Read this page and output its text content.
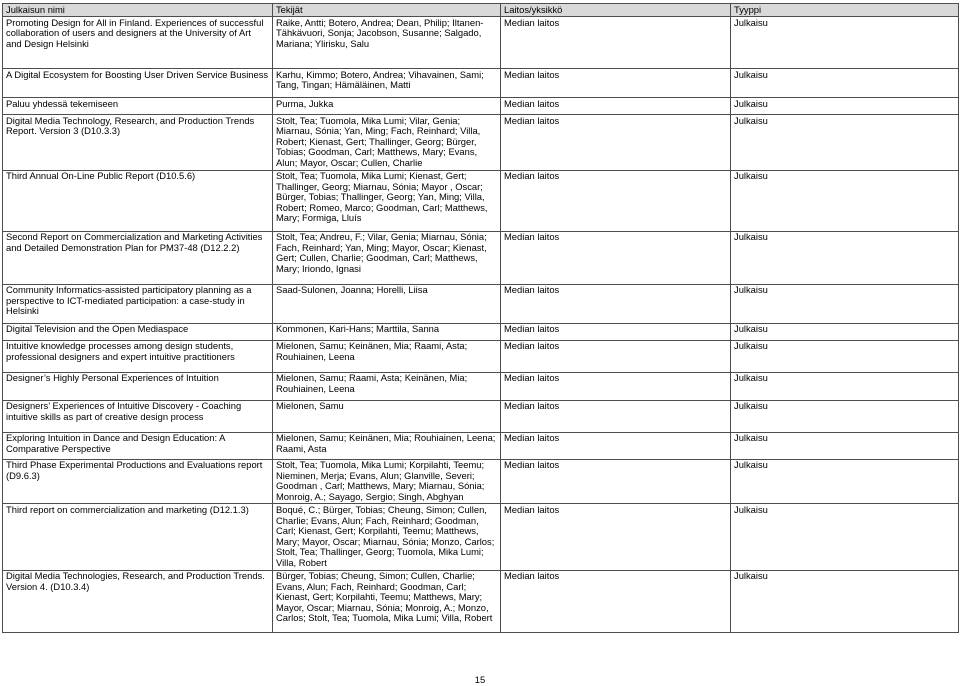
Julkaisun nimi	Tekijät	Laitos/yksikkö	Tyyppi
Promoting Design for All in Finland. Experiences of successful collaboration of users and designers at the University of Art and Design Helsinki	Raike, Antti; Botero, Andrea; Dean, Philip; Iltanen-Tähkävuori, Sonja; Jacobson, Susanne; Salgado, Mariana; Ylirisku, Salu	Median laitos	Julkaisu
A Digital Ecosystem for Boosting User Driven Service Business	Karhu, Kimmo; Botero, Andrea; Vihavainen, Sami; Tang, Tingan; Hämäläinen, Matti	Median laitos	Julkaisu
Paluu yhdessä tekemiseen	Purma, Jukka	Median laitos	Julkaisu
Digital Media Technology, Research, and Production Trends Report. Version 3 (D10.3.3)	Stolt, Tea; Tuomola, Mika Lumi; Vilar, Genia; Miarnau, Sónia; Yan, Ming; Fach, Reinhard; Villa, Robert; Kienast, Gert; Thallinger, Georg; Bürger, Tobias; Goodman, Carl; Matthews, Mary; Evans, Alun; Mayor, Oscar; Cullen, Charlie	Median laitos	Julkaisu
Third Annual On-Line Public Report (D10.5.6)	Stolt, Tea; Tuomola, Mika Lumi; Kienast, Gert; Thallinger, Georg; Miarnau, Sónia; Mayor , Oscar; Bürger, Tobias; Thallinger, Georg; Yan, Ming; Villa, Robert; Romeo, Marco; Goodman, Carl; Matthews, Mary; Formiga, Lluís	Median laitos	Julkaisu
Second Report on Commercialization and Marketing Activities and Detailed Demonstration Plan for PM37-48 (D12.2.2)	Stolt, Tea; Andreu, F.; Vilar, Genia; Miarnau, Sónia; Fach, Reinhard; Yan, Ming; Mayor, Oscar; Kienast, Gert; Cullen, Charlie; Goodman, Carl; Matthews, Mary; Iriondo, Ignasi	Median laitos	Julkaisu
Community Informatics-assisted participatory planning as a perspective to ICT-mediated participation: a case-study in Helsinki	Saad-Sulonen, Joanna; Horelli, Liisa	Median laitos	Julkaisu
Digital Television and the Open Mediaspace	Kommonen, Kari-Hans; Marttila, Sanna	Median laitos	Julkaisu
Intuitive knowledge processes among design students, professional designers and expert intuitive practitioners	Mielonen, Samu; Keinänen, Mia; Raami, Asta; Rouhiainen, Leena	Median laitos	Julkaisu
Designer’s Highly Personal Experiences of Intuition	Mielonen, Samu; Raami, Asta; Keinänen, Mia; Rouhiainen, Leena	Median laitos	Julkaisu
Designers’ Experiences of Intuitive Discovery - Coaching intuitive skills as part of creative design process	Mielonen, Samu	Median laitos	Julkaisu
Exploring Intuition in Dance and Design Education: A Comparative Perspective	Mielonen, Samu; Keinänen, Mia; Rouhiainen, Leena; Raami, Asta	Median laitos	Julkaisu
Third Phase Experimental Productions and Evaluations report (D9.6.3)	Stolt, Tea; Tuomola, Mika Lumi; Korpilahti, Teemu; Nieminen, Merja; Evans, Alun; Glanville, Severi; Goodman , Carl; Matthews, Mary; Miarnau, Sónia; Monroig, A.; Sayago, Sergio; Singh, Abghyan	Median laitos	Julkaisu
Third report on commercialization and marketing (D12.1.3)	Boqué, C.; Bürger, Tobias; Cheung, Simon; Cullen, Charlie; Evans, Alun; Fach, Reinhard; Goodman, Carl; Kienast, Gert; Korpilahti, Teemu; Matthews, Mary; Mayor, Oscar; Miarnau, Sónia; Monzo, Carlos; Stolt, Tea; Thallinger, Georg; Tuomola, Mika Lumi; Villa, Robert	Median laitos	Julkaisu
Digital Media Technologies, Research, and Production Trends. Version 4. (D10.3.4)	Bürger, Tobias; Cheung, Simon; Cullen, Charlie; Evans, Alun; Fach, Reinhard; Goodman, Carl; Kienast, Gert; Korpilahti, Teemu; Matthews, Mary; Mayor, Oscar; Miarnau, Sónia; Monroig, A.; Monzo, Carlos; Stolt, Tea; Tuomola, Mika Lumi; Villa, Robert	Median laitos	Julkaisu
15
